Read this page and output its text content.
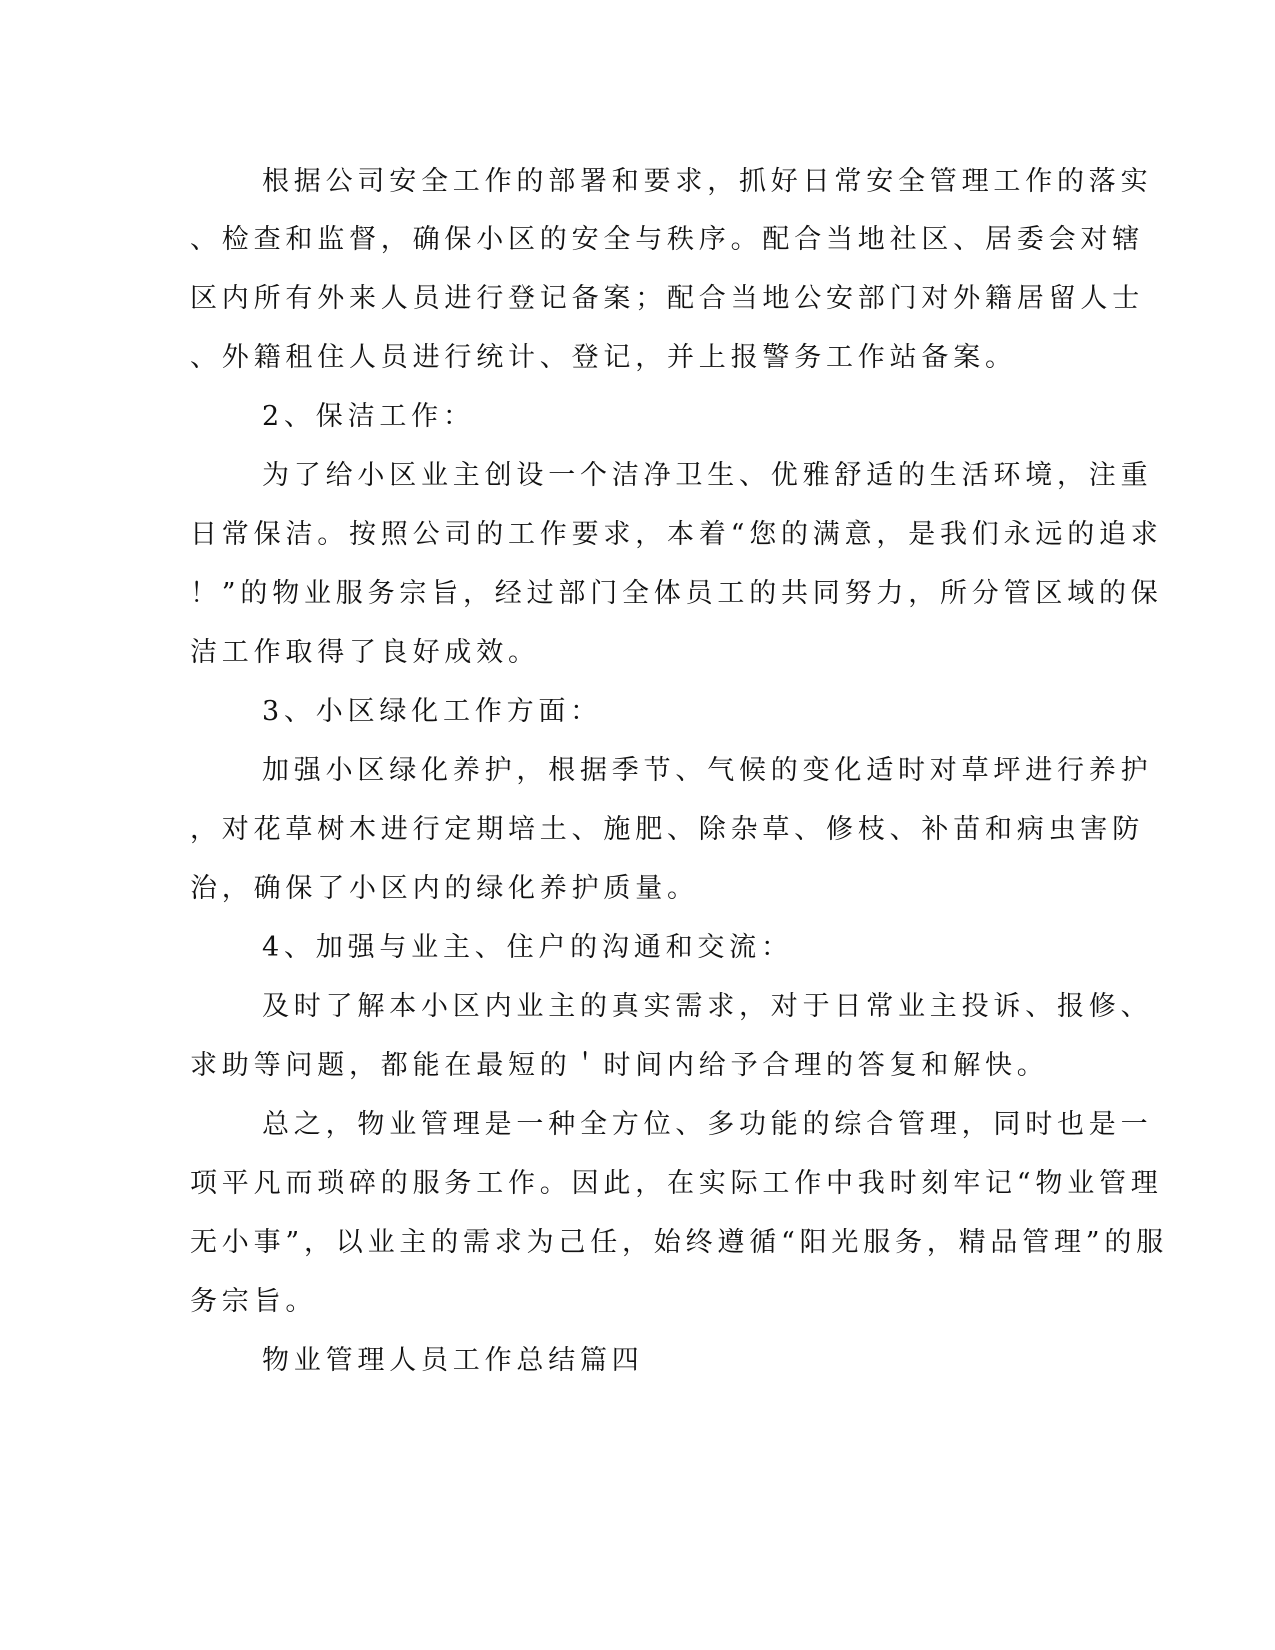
根据公司安全工作的部署和要求，抓好日常安全管理工作的落实
、检查和监督，确保小区的安全与秩序。配合当地社区、居委会对辖
区内所有外来人员进行登记备案；配合当地公安部门对外籍居留人士
、外籍租住人员进行统计、登记，并上报警务工作站备案。
2、保洁工作：
为了给小区业主创设一个洁净卫生、优雅舒适的生活环境，注重
日常保洁。按照公司的工作要求，本着“您的满意，是我们永远的追求
！”的物业服务宗旨，经过部门全体员工的共同努力，所分管区域的保
洁工作取得了良好成效。
3、小区绿化工作方面：
加强小区绿化养护，根据季节、气候的变化适时对草坪进行养护
，对花草树木进行定期培土、施肥、除杂草、修枝、补苗和病虫害防
治，确保了小区内的绿化养护质量。
4、加强与业主、住户的沟通和交流：
及时了解本小区内业主的真实需求，对于日常业主投诉、报修、
求助等问题，都能在最短的＇时间内给予合理的答复和解快。
总之，物业管理是一种全方位、多功能的综合管理，同时也是一
项平凡而琐碎的服务工作。因此，在实际工作中我时刻牢记“物业管理
无小事”，以业主的需求为己任，始终遵循“阳光服务，精品管理”的服
务宗旨。
物业管理人员工作总结篇四
